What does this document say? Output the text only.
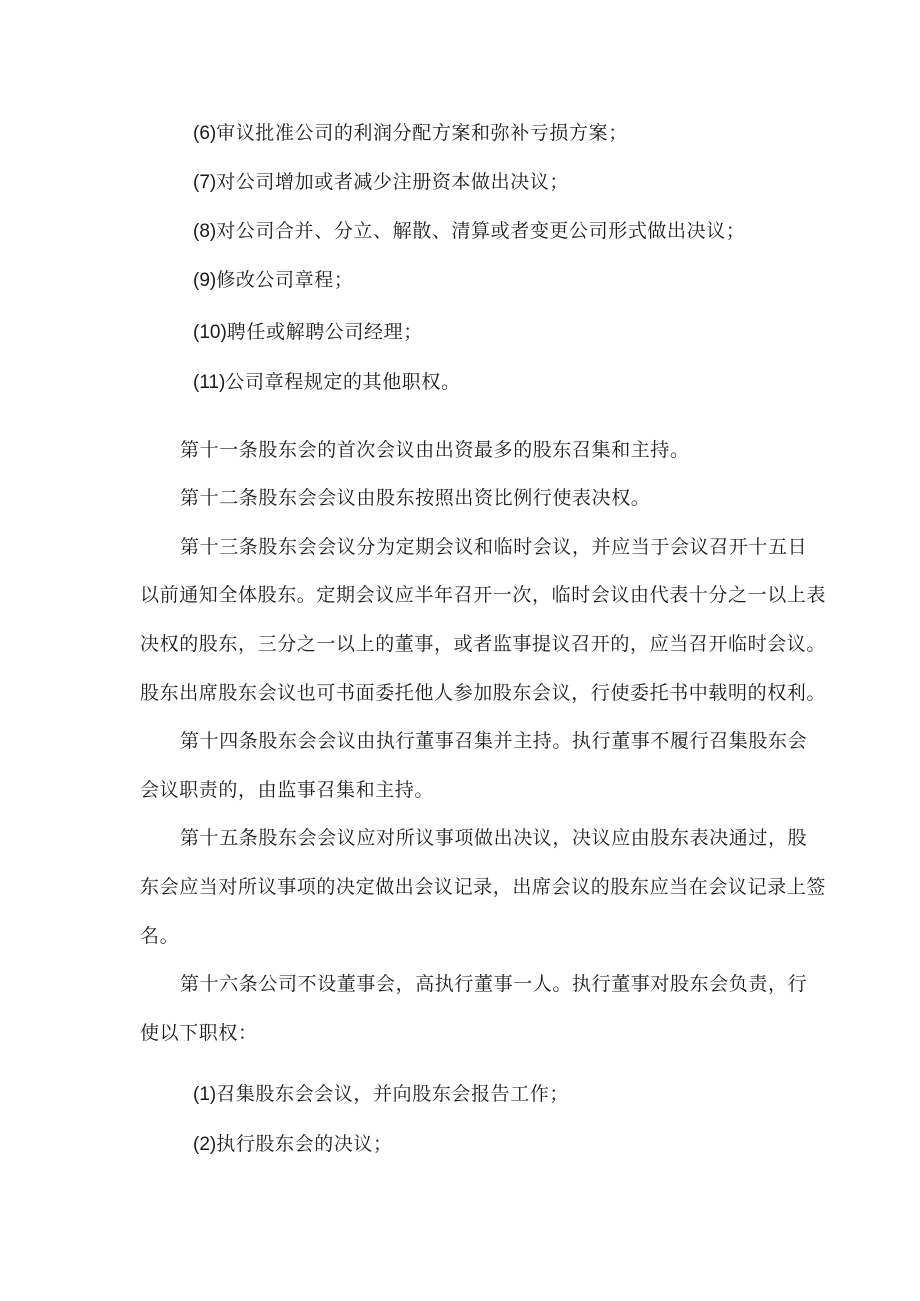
(6)审议批准公司的利润分配方案和弥补亏损方案；
(7)对公司增加或者减少注册资本做出决议；
(8)对公司合并、分立、解散、清算或者变更公司形式做出决议；
(9)修改公司章程；
(10)聘任或解聘公司经理；
(11)公司章程规定的其他职权。
第十一条股东会的首次会议由出资最多的股东召集和主持。
第十二条股东会会议由股东按照出资比例行使表决权。
第十三条股东会会议分为定期会议和临时会议，并应当于会议召开十五日
以前通知全体股东。定期会议应半年召开一次，临时会议由代表十分之一以上表
决权的股东，三分之一以上的董事，或者监事提议召开的，应当召开临时会议。
股东出席股东会议也可书面委托他人参加股东会议，行使委托书中载明的权利。
第十四条股东会会议由执行董事召集并主持。执行董事不履行召集股东会
会议职责的，由监事召集和主持。
第十五条股东会会议应对所议事项做出决议，决议应由股东表决通过，股
东会应当对所议事项的决定做出会议记录，出席会议的股东应当在会议记录上签
名。
第十六条公司不设董事会，高执行董事一人。执行董事对股东会负责，行
使以下职权：
(1)召集股东会会议，并向股东会报告工作；
(2)执行股东会的决议；
